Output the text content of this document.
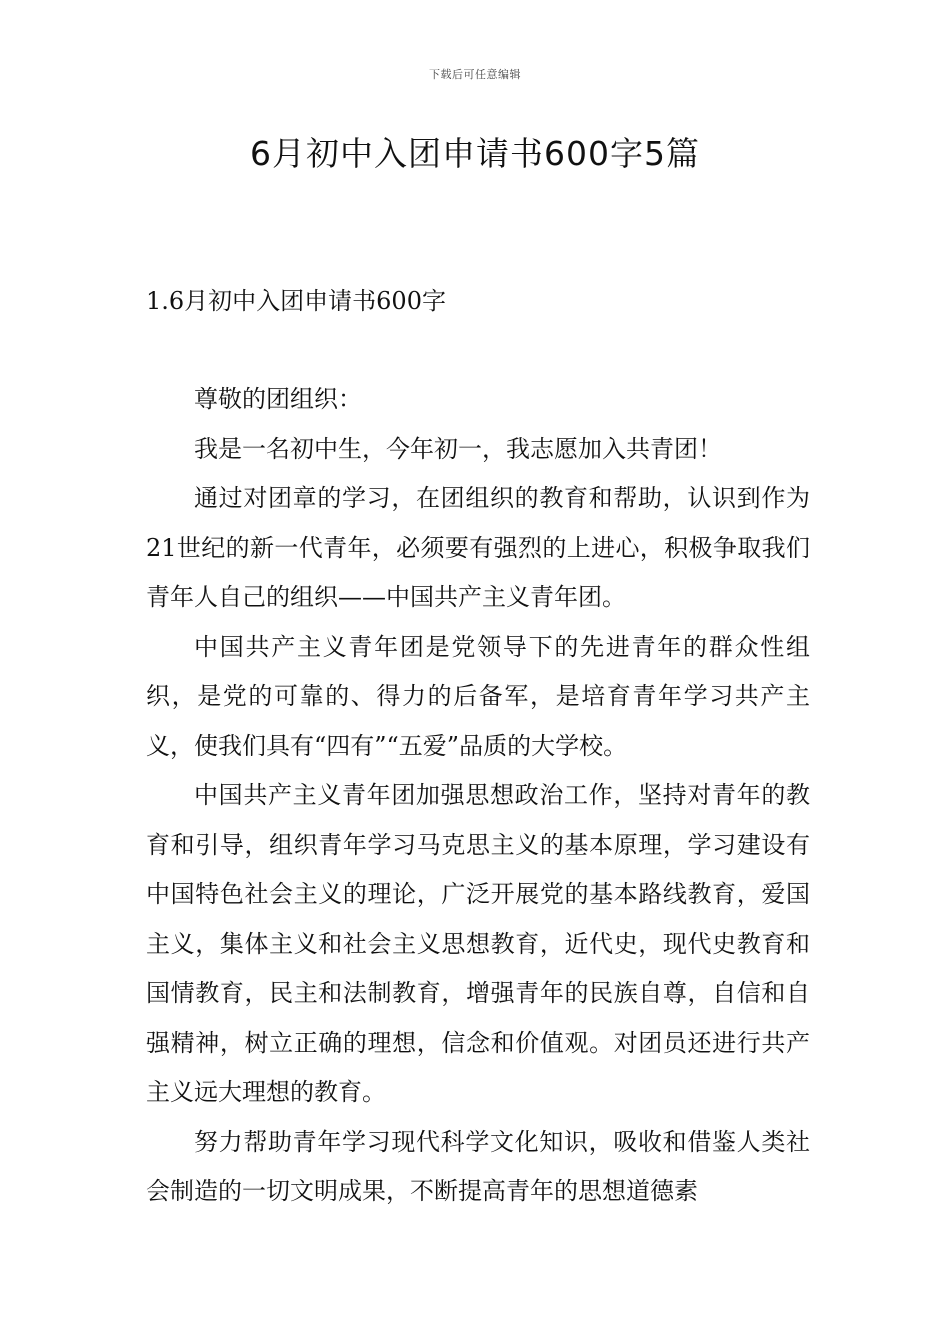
下载后可任意编辑
6月初中入团申请书600字5篇
1.6月初中入团申请书600字

尊敬的团组织：

我是一名初中生，今年初一，我志愿加入共青团！

通过对团章的学习，在团组织的教育和帮助，认识到作为21世纪的新一代青年，必须要有强烈的上进心，积极争取我们青年人自己的组织——中国共产主义青年团。

中国共产主义青年团是党领导下的先进青年的群众性组织，是党的可靠的、得力的后备军，是培育青年学习共产主义，使我们具有“四有”“五爱”品质的大学校。

中国共产主义青年团加强思想政治工作，坚持对青年的教育和引导，组织青年学习马克思主义的基本原理，学习建设有中国特色社会主义的理论，广泛开展党的基本路线教育，爱国主义，集体主义和社会主义思想教育，近代史，现代史教育和国情教育，民主和法制教育，增强青年的民族自尊，自信和自强精神，树立正确的理想，信念和价值观。对团员还进行共产主义远大理想的教育。

努力帮助青年学习现代科学文化知识，吸收和借鉴人类社会制造的一切文明成果，不断提高青年的思想道德素
